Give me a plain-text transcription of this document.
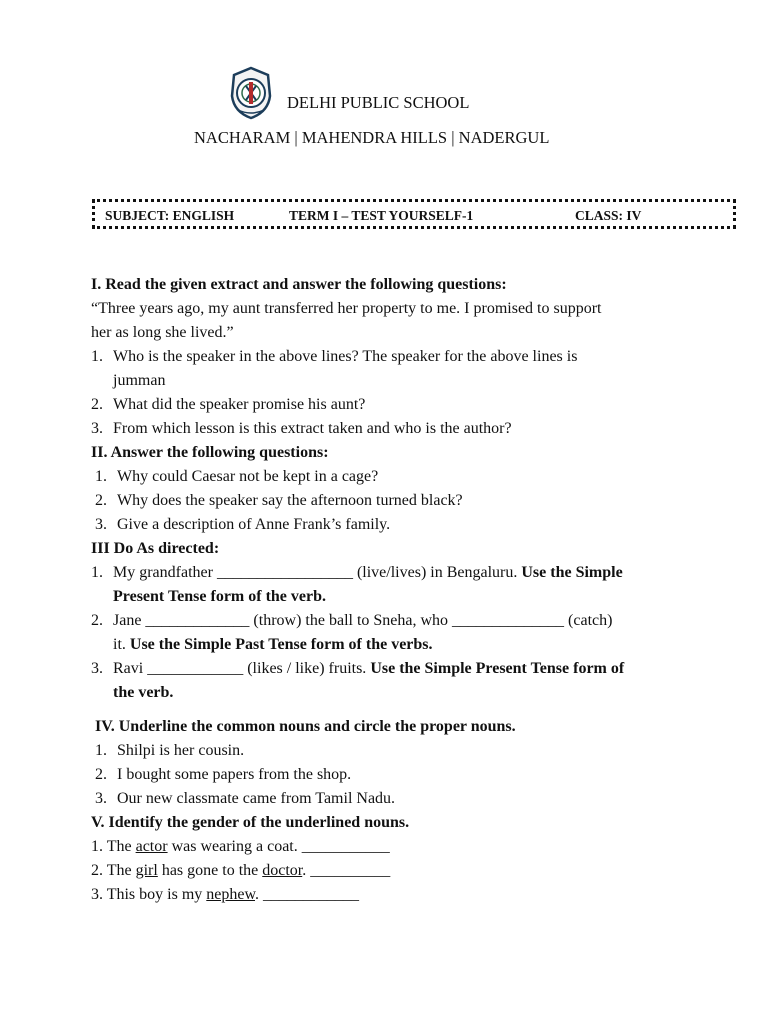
DELHI PUBLIC SCHOOL
NACHARAM | MAHENDRA HILLS | NADERGUL
SUBJECT: ENGLISH	TERM I – TEST YOURSELF-1	CLASS: IV
I. Read the given extract and answer the following questions:
“Three years ago, my aunt transferred her property to me. I promised to support
her as long she lived.”
1. Who is the speaker in the above lines? The speaker for the above lines is
jumman
2. What did the speaker promise his aunt?
3. From which lesson is this extract taken and who is the author?
II. Answer the following questions:
1. Why could Caesar not be kept in a cage?
2. Why does the speaker say the afternoon turned black?
3. Give a description of Anne Frank’s family.
III Do As directed:
1. My grandfather _________________ (live/lives) in Bengaluru. Use the Simple
Present Tense form of the verb.
2. Jane _____________ (throw) the ball to Sneha, who ______________ (catch)
it. Use the Simple Past Tense form of the verbs.
3. Ravi ____________ (likes / like) fruits. Use the Simple Present Tense form of
the verb.
IV. Underline the common nouns and circle the proper nouns.
1. Shilpi is her cousin.
2. I bought some papers from the shop.
3. Our new classmate came from Tamil Nadu.
V. Identify the gender of the underlined nouns.
1. The actor was wearing a coat. ___________
2. The girl has gone to the doctor. __________
3. This boy is my nephew. ____________
